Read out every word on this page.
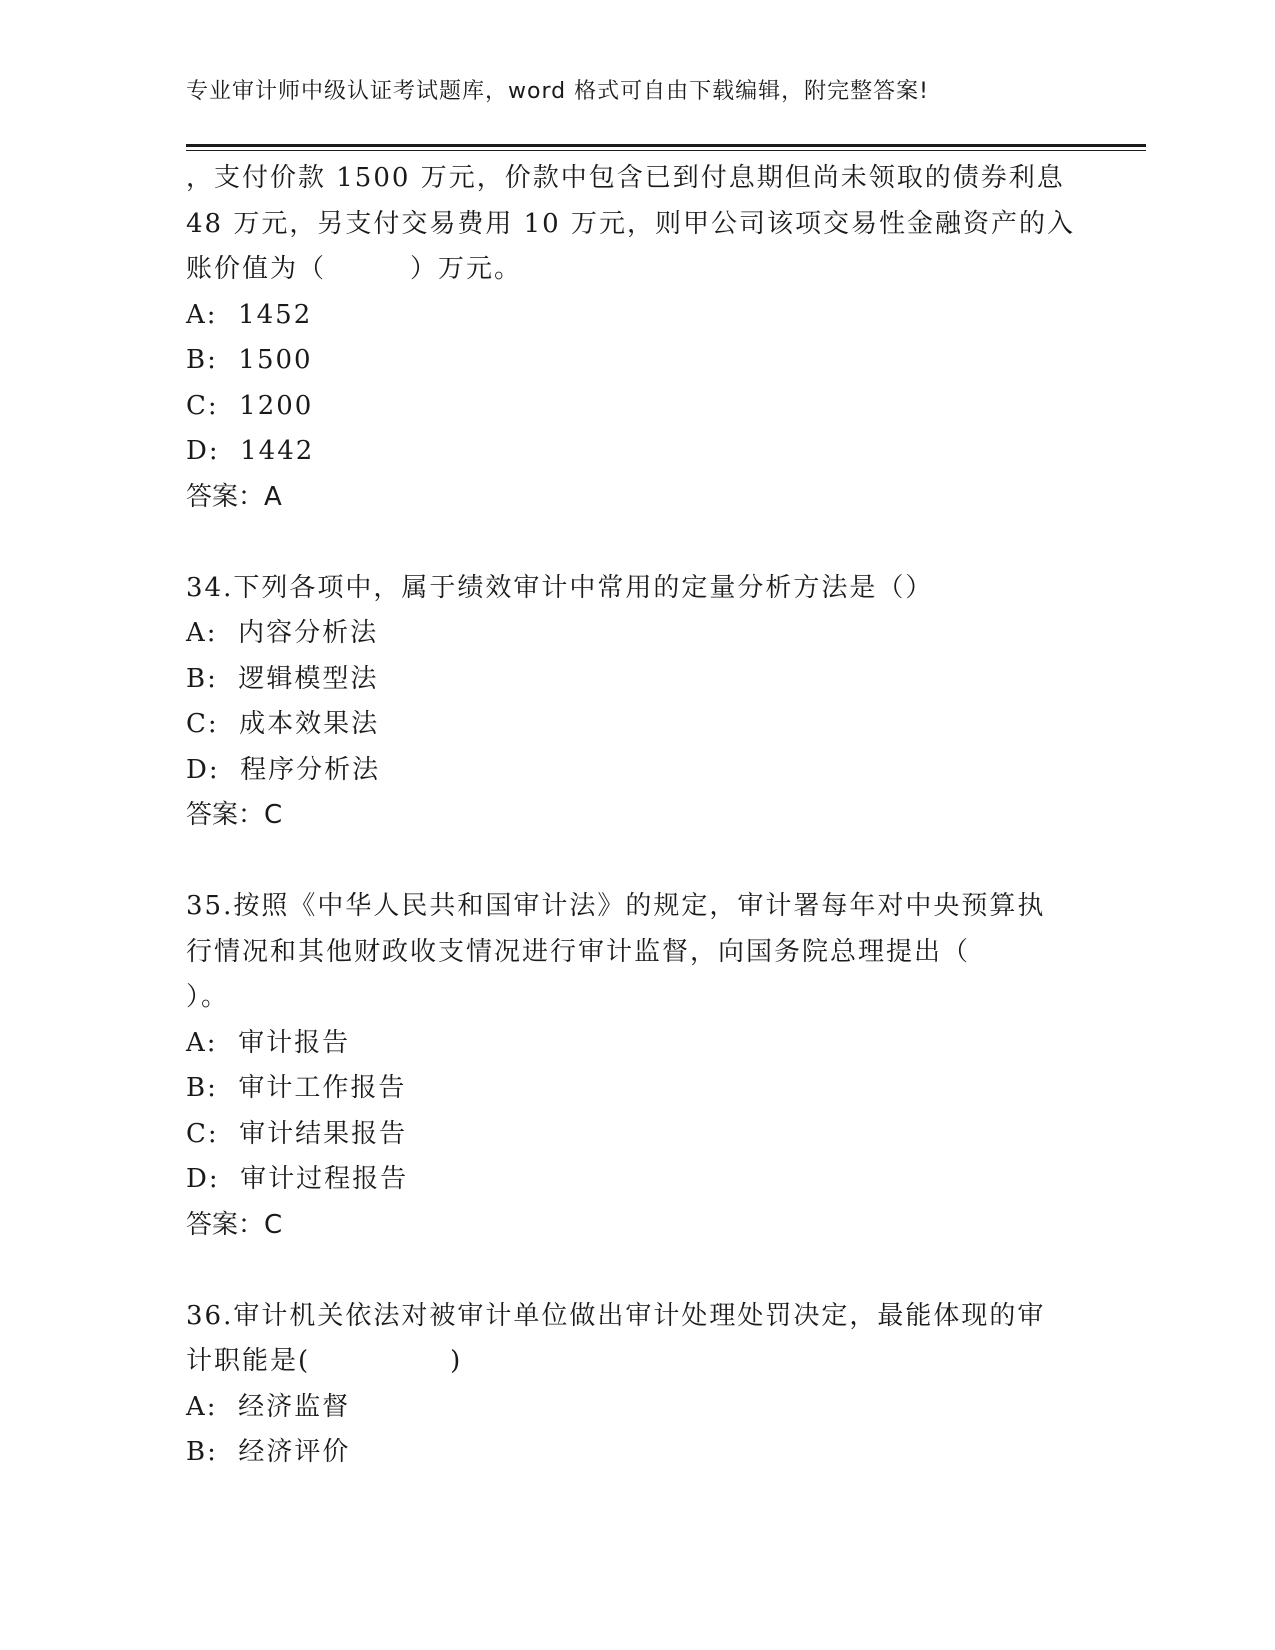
专业审计师中级认证考试题库，word 格式可自由下载编辑，附完整答案!
，支付价款 1500 万元，价款中包含已到付息期但尚未领取的债券利息
48 万元，另支付交易费用 10 万元，则甲公司该项交易性金融资产的入
账价值为（　　　）万元。
A:  1452
B:  1500
C:  1200
D:  1442
答案：A
34.下列各项中，属于绩效审计中常用的定量分析方法是（）
A:  内容分析法
B:  逻辑模型法
C:  成本效果法
D:  程序分析法
答案：C
35.按照《中华人民共和国审计法》的规定，审计署每年对中央预算执
行情况和其他财政收支情况进行审计监督，向国务院总理提出（
）。
A:  审计报告
B:  审计工作报告
C:  审计结果报告
D:  审计过程报告
答案：C
36.审计机关依法对被审计单位做出审计处理处罚决定，最能体现的审
计职能是(　　　　　)
A:  经济监督
B:  经济评价
